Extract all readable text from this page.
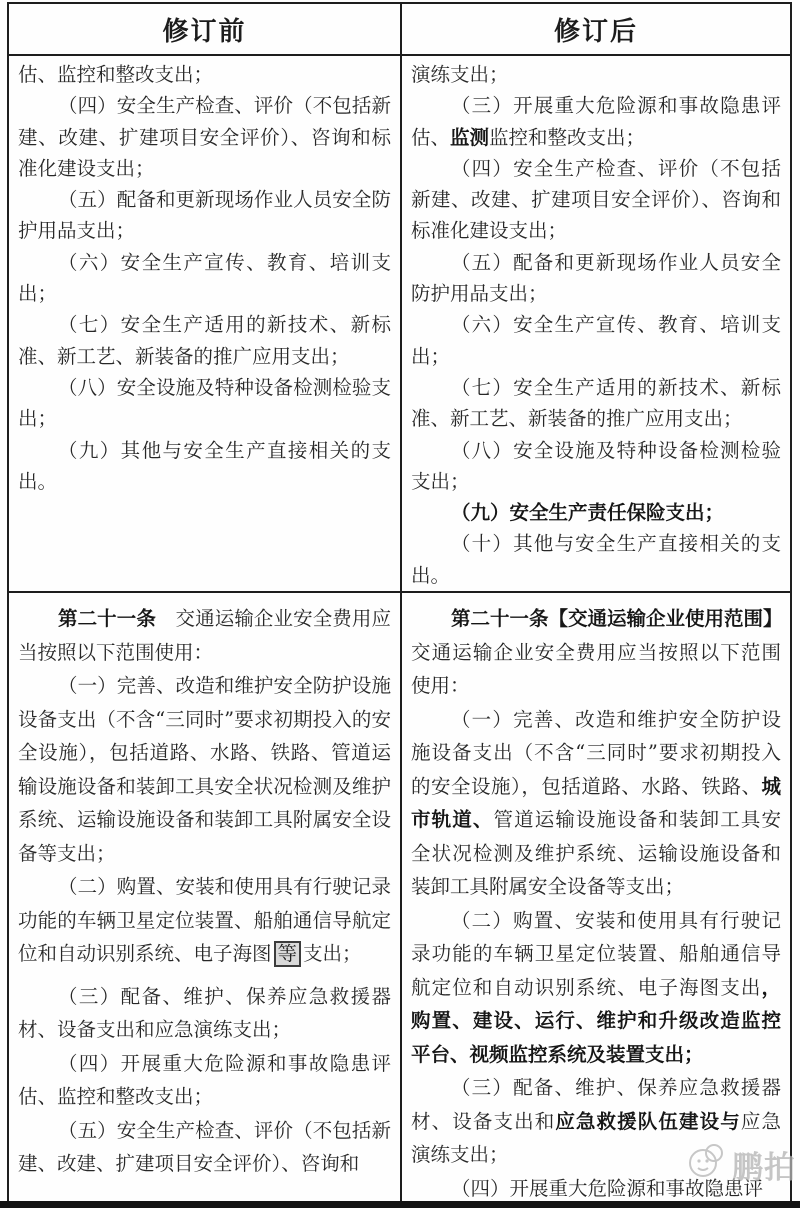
修订前	修订后

估、监控和整改支出；

（四）安全生产检查、评价（不包括新建、改建、扩建项目安全评价）、咨询和标准化建设支出；

（五）配备和更新现场作业人员安全防护用品支出；

（六）安全生产宣传、教育、培训支出；

（七）安全生产适用的新技术、新标准、新工艺、新装备的推广应用支出；

（八）安全设施及特种设备检测检验支出；

（九）其他与安全生产直接相关的支出。

演练支出；

（三）开展重大危险源和事故隐患评估、监测监控和整改支出；

（四）安全生产检查、评价（不包括新建、改建、扩建项目安全评价）、咨询和标准化建设支出；

（五）配备和更新现场作业人员安全防护用品支出；

（六）安全生产宣传、教育、培训支出；

（七）安全生产适用的新技术、新标准、新工艺、新装备的推广应用支出；

（八）安全设施及特种设备检测检验支出；

（九）安全生产责任保险支出；

（十）其他与安全生产直接相关的支出。

第二十一条　交通运输企业安全费用应当按照以下范围使用：

（一）完善、改造和维护安全防护设施设备支出（不含“三同时”要求初期投入的安全设施），包括道路、水路、铁路、管道运输设施设备和装卸工具安全状况检测及维护系统、运输设施设备和装卸工具附属安全设备等支出；

（二）购置、安装和使用具有行驶记录功能的车辆卫星定位装置、船舶通信导航定位和自动识别系统、电子海图 等 支出；

（三）配备、维护、保养应急救援器材、设备支出和应急演练支出；

（四）开展重大危险源和事故隐患评估、监控和整改支出；

（五）安全生产检查、评价（不包括新建、改建、扩建项目安全评价）、咨询和

第二十一条【交通运输企业使用范围】交通运输企业安全费用应当按照以下范围使用：

（一）完善、改造和维护安全防护设施设备支出（不含“三同时”要求初期投入的安全设施），包括道路、水路、铁路、城市轨道、管道运输设施设备和装卸工具安全状况检测及维护系统、运输设施设备和装卸工具附属安全设备等支出；

（二）购置、安装和使用具有行驶记录功能的车辆卫星定位装置、船舶通信导航定位和自动识别系统、电子海图支出，购置、建设、运行、维护和升级改造监控平台、视频监控系统及装置支出；

（三）配备、维护、保养应急救援器材、设备支出和应急救援队伍建设与应急演练支出；

（四）开展重大危险源和事故隐患评

鹏拍
